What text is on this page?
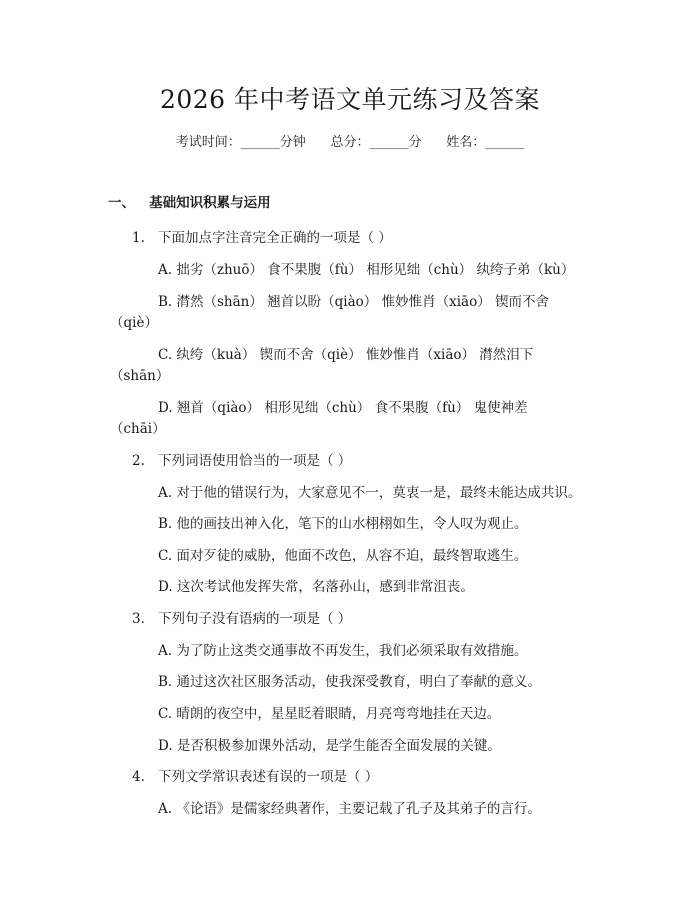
2026 年中考语文单元练习及答案
考试时间：______分钟      总分：______分      姓名：______
一、   基础知识积累与运用
1. 下面加点字注音完全正确的一项是（ ）
A. 拙劣（zhuō） 食不果腹（fù） 相形见绌（chù） 纨绔子弟（kù）
B. 潸然（shān） 翘首以盼（qiào） 惟妙惟肖（xiāo） 锲而不舍
（qiè）
C. 纨绔（kuà） 锲而不舍（qiè） 惟妙惟肖（xiāo） 潸然泪下
（shān）
D. 翘首（qiào） 相形见绌（chù） 食不果腹（fù） 鬼使神差
（chāi）
2. 下列词语使用恰当的一项是（ ）
A. 对于他的错误行为，大家意见不一，莫衷一是，最终未能达成共识。
B. 他的画技出神入化，笔下的山水栩栩如生，令人叹为观止。
C. 面对歹徒的威胁，他面不改色，从容不迫，最终智取逃生。
D. 这次考试他发挥失常，名落孙山，感到非常沮丧。
3. 下列句子没有语病的一项是（ ）
A. 为了防止这类交通事故不再发生，我们必须采取有效措施。
B. 通过这次社区服务活动，使我深受教育，明白了奉献的意义。
C. 晴朗的夜空中，星星眨着眼睛，月亮弯弯地挂在天边。
D. 是否积极参加课外活动，是学生能否全面发展的关键。
4. 下列文学常识表述有误的一项是（ ）
A. 《论语》是儒家经典著作，主要记载了孔子及其弟子的言行。
